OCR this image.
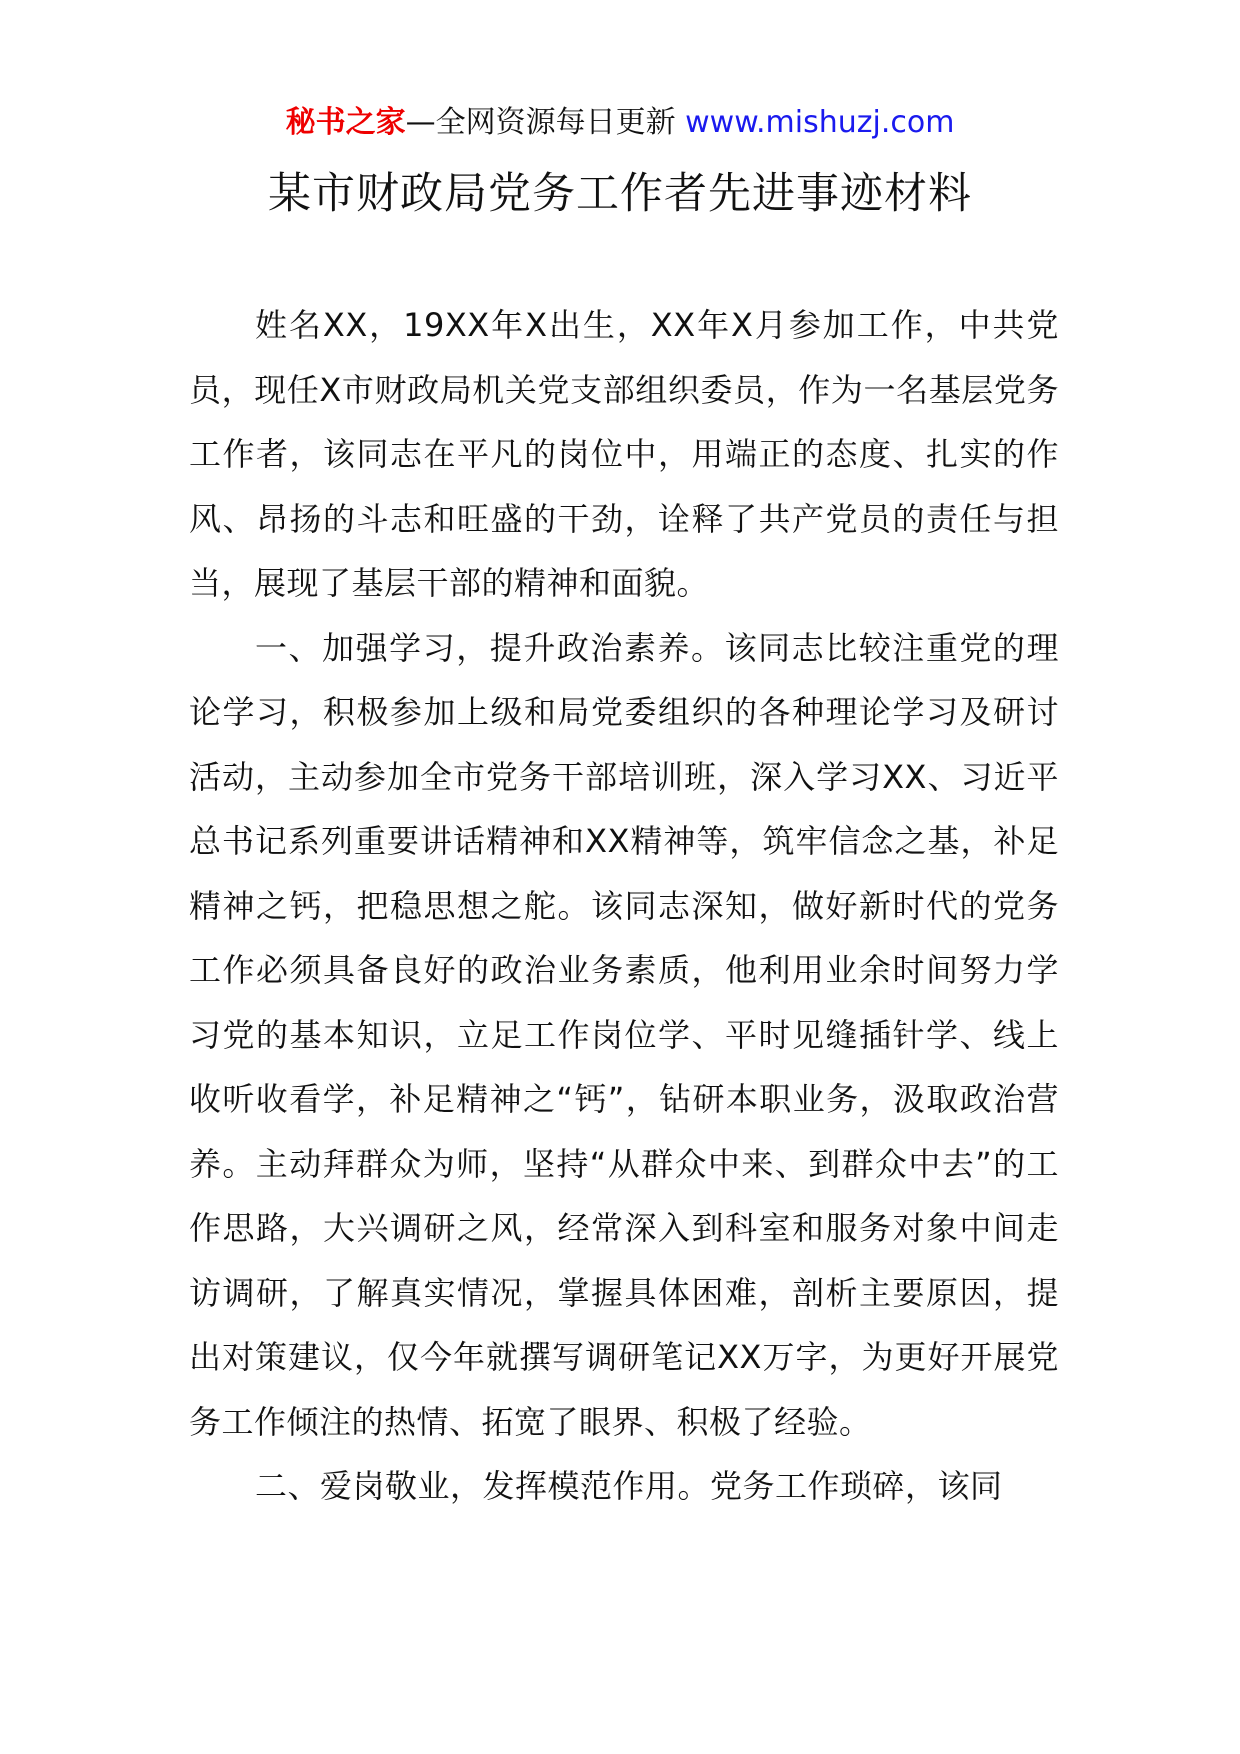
秘书之家—全网资源每日更新 www.mishuzj.com
某市财政局党务工作者先进事迹材料

姓名XX，19XX年X出生，XX年X月参加工作，中共党员，现任X市财政局机关党支部组织委员，作为一名基层党务工作者，该同志在平凡的岗位中，用端正的态度、扎实的作风、昂扬的斗志和旺盛的干劲，诠释了共产党员的责任与担当，展现了基层干部的精神和面貌。

一、加强学习，提升政治素养。该同志比较注重党的理论学习，积极参加上级和局党委组织的各种理论学习及研讨活动，主动参加全市党务干部培训班，深入学习XX、习近平总书记系列重要讲话精神和XX精神等，筑牢信念之基，补足精神之钙，把稳思想之舵。该同志深知，做好新时代的党务工作必须具备良好的政治业务素质，他利用业余时间努力学习党的基本知识，立足工作岗位学、平时见缝插针学、线上收听收看学，补足精神之“钙”，钻研本职业务，汲取政治营养。主动拜群众为师，坚持“从群众中来、到群众中去”的工作思路，大兴调研之风，经常深入到科室和服务对象中间走访调研，了解真实情况，掌握具体困难，剖析主要原因，提出对策建议，仅今年就撰写调研笔记XX万字，为更好开展党务工作倾注的热情、拓宽了眼界、积极了经验。

二、爱岗敬业，发挥模范作用。党务工作琐碎，该同
